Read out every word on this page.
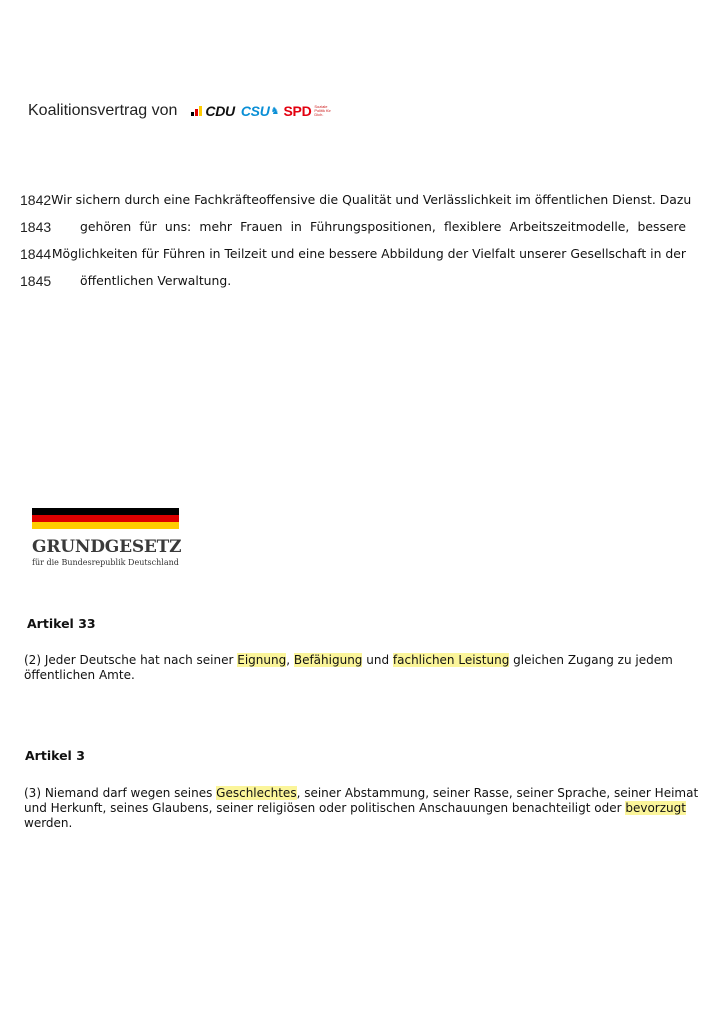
Koalitionsvertrag von CDU CSU ♞ SPD Soziale Politik für Dich.
1842 Wir sichern durch eine Fachkräfteoffensive die Qualität und Verlässlichkeit im öffentlichen Dienst. Dazu
1843	gehören für uns: mehr Frauen in Führungspositionen, flexiblere Arbeitszeitmodelle, bessere
1844 Möglichkeiten für Führen in Teilzeit und eine bessere Abbildung der Vielfalt unserer Gesellschaft in der
1845	öffentlichen Verwaltung.
GRUNDGESETZ
für die Bundesrepublik Deutschland
Artikel 33
(2) Jeder Deutsche hat nach seiner Eignung, Befähigung und fachlichen Leistung gleichen Zugang zu jedem öffentlichen Amte.
Artikel 3
(3) Niemand darf wegen seines Geschlechtes, seiner Abstammung, seiner Rasse, seiner Sprache, seiner Heimat und Herkunft, seines Glaubens, seiner religiösen oder politischen Anschauungen benachteiligt oder bevorzugt werden.
